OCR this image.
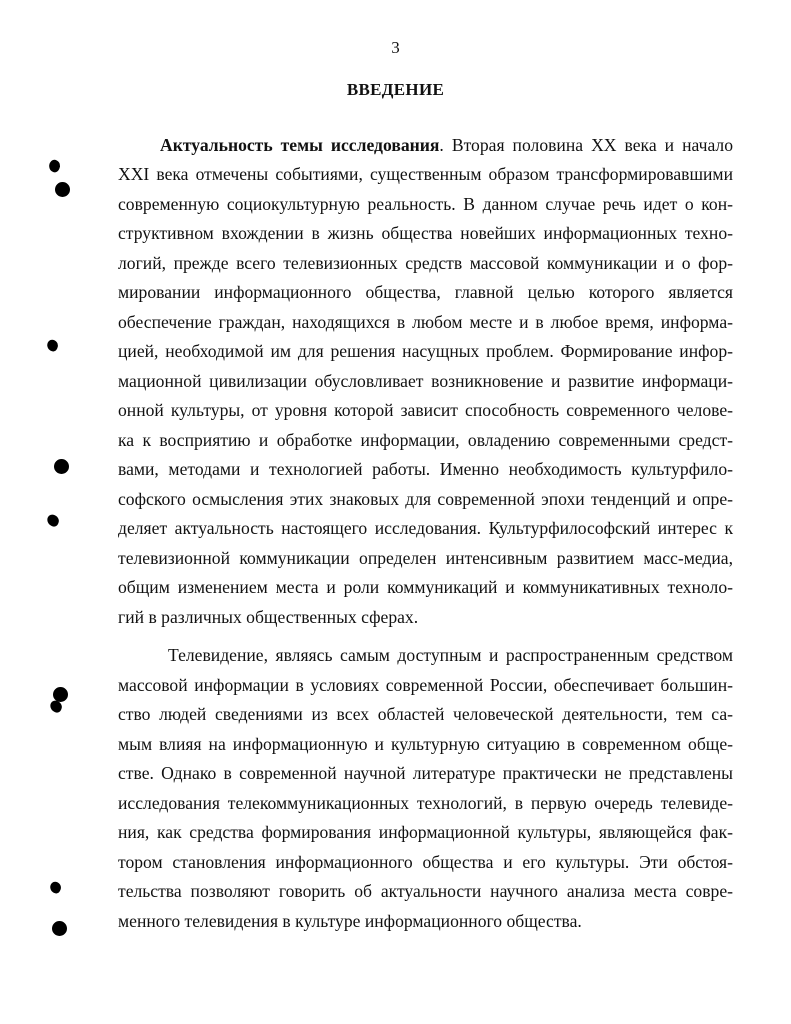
3
ВВЕДЕНИЕ
Актуальность темы исследования. Вторая половина XX века и начало
XXI века отмечены событиями, существенным образом трансформировавшими
современную социокультурную реальность. В данном случае речь идет о кон-
структивном вхождении в жизнь общества новейших информационных техно-
логий, прежде всего телевизионных средств массовой коммуникации и о фор-
мировании информационного общества, главной целью которого является
обеспечение граждан, находящихся в любом месте и в любое время, информа-
цией, необходимой им для решения насущных проблем. Формирование инфор-
мационной цивилизации обусловливает возникновение и развитие информаци-
онной культуры, от уровня которой зависит способность современного челове-
ка к восприятию и обработке информации, овладению современными средст-
вами, методами и технологией работы. Именно необходимость культурфило-
софского осмысления этих знаковых для современной эпохи тенденций и опре-
деляет актуальность настоящего исследования. Культурфилософский интерес к
телевизионной коммуникации определен интенсивным развитием масс-медиа,
общим изменением места и роли коммуникаций и коммуникативных техноло-
гий в различных общественных сферах.
Телевидение, являясь самым доступным и распространенным средством
массовой информации в условиях современной России, обеспечивает большин-
ство людей сведениями из всех областей человеческой деятельности, тем са-
мым влияя на информационную и культурную ситуацию в современном обще-
стве. Однако в современной научной литературе практически не представлены
исследования телекоммуникационных технологий, в первую очередь телевиде-
ния, как средства формирования информационной культуры, являющейся фак-
тором становления информационного общества и его культуры. Эти обстоя-
тельства позволяют говорить об актуальности научного анализа места совре-
менного телевидения в культуре информационного общества.
